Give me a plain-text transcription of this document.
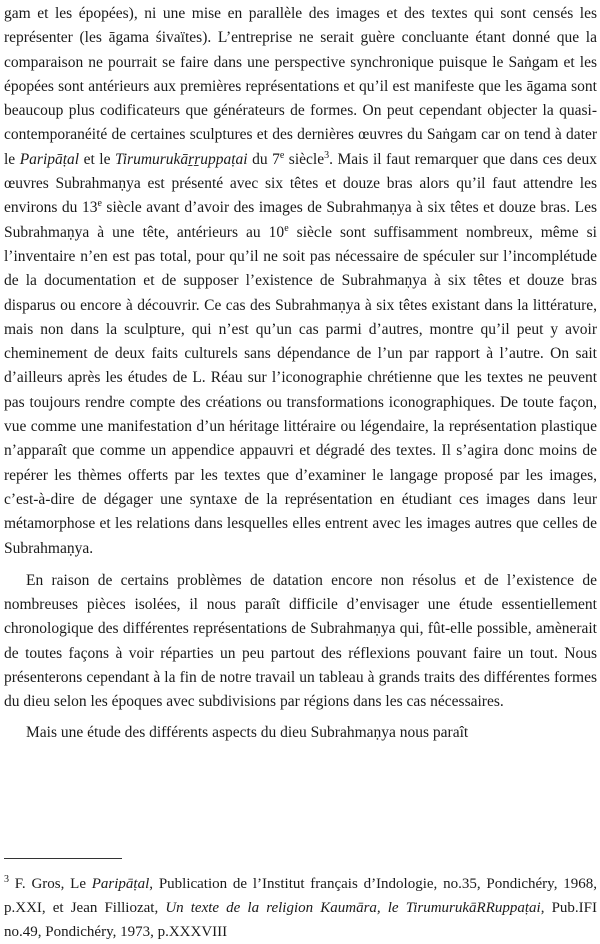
gam et les épopées), ni une mise en parallèle des images et des textes qui sont censés les représenter (les āgama śivaïtes). L’entreprise ne serait guère concluante étant donné que la comparaison ne pourrait se faire dans une perspective synchronique puisque le Saṅgam et les épopées sont antérieurs aux premières représentations et qu’il est manifeste que les āgama sont beaucoup plus codificateurs que générateurs de formes. On peut cependant objecter la quasi-contemporanéité de certaines sculptures et des dernières œuvres du Saṅgam car on tend à dater le Paripāṭal et le Tirumurukāṟṟuppaṭai du 7e siècle$^3$. Mais il faut remarquer que dans ces deux œuvres Subrahmaṇya est présenté avec six têtes et douze bras alors qu’il faut attendre les environs du 13e siècle avant d’avoir des images de Subrahmaṇya à six têtes et douze bras. Les Subrahmaṇya à une tête, antérieurs au 10e siècle sont suffisamment nombreux, même si l’inventaire n’en est pas total, pour qu’il ne soit pas nécessaire de spéculer sur l’incomplétude de la documentation et de supposer l’existence de Subrahmaṇya à six têtes et douze bras disparus ou encore à découvrir. Ce cas des Subrahmaṇya à six têtes existant dans la littérature, mais non dans la sculpture, qui n’est qu’un cas parmi d’autres, montre qu’il peut y avoir cheminement de deux faits culturels sans dépendance de l’un par rapport à l’autre. On sait d’ailleurs après les études de L. Réau sur l’iconographie chrétienne que les textes ne peuvent pas toujours rendre compte des créations ou transformations iconographiques. De toute façon, vue comme une manifestation d’un héritage littéraire ou légendaire, la représentation plastique n’apparaît que comme un appendice appauvri et dégradé des textes. Il s’agira donc moins de repérer les thèmes offerts par les textes que d’examiner le langage proposé par les images, c’est-à-dire de dégager une syntaxe de la représentation en étudiant ces images dans leur métamorphose et les relations dans lesquelles elles entrent avec les images autres que celles de Subrahmaṇya.

En raison de certains problèmes de datation encore non résolus et de l’existence de nombreuses pièces isolées, il nous paraît difficile d’envisager une étude essentiellement chronologique des différentes représentations de Subrahmaṇya qui, fût-elle possible, amènerait de toutes façons à voir réparties un peu partout des réflexions pouvant faire un tout. Nous présenterons cependant à la fin de notre travail un tableau à grands traits des différentes formes du dieu selon les époques avec subdivisions par régions dans les cas nécessaires.

Mais une étude des différents aspects du dieu Subrahmaṇya nous paraît

$^3$ F. Gros, Le Paripāṭal, Publication de l’Institut français d’Indologie, no.35, Pondichéry, 1968, p.XXI, et Jean Filliozat, Un texte de la religion Kaumāra, le TirumurukāRRuppaṭai, Pub.IFI no.49, Pondichéry, 1973, p.XXXVIII
